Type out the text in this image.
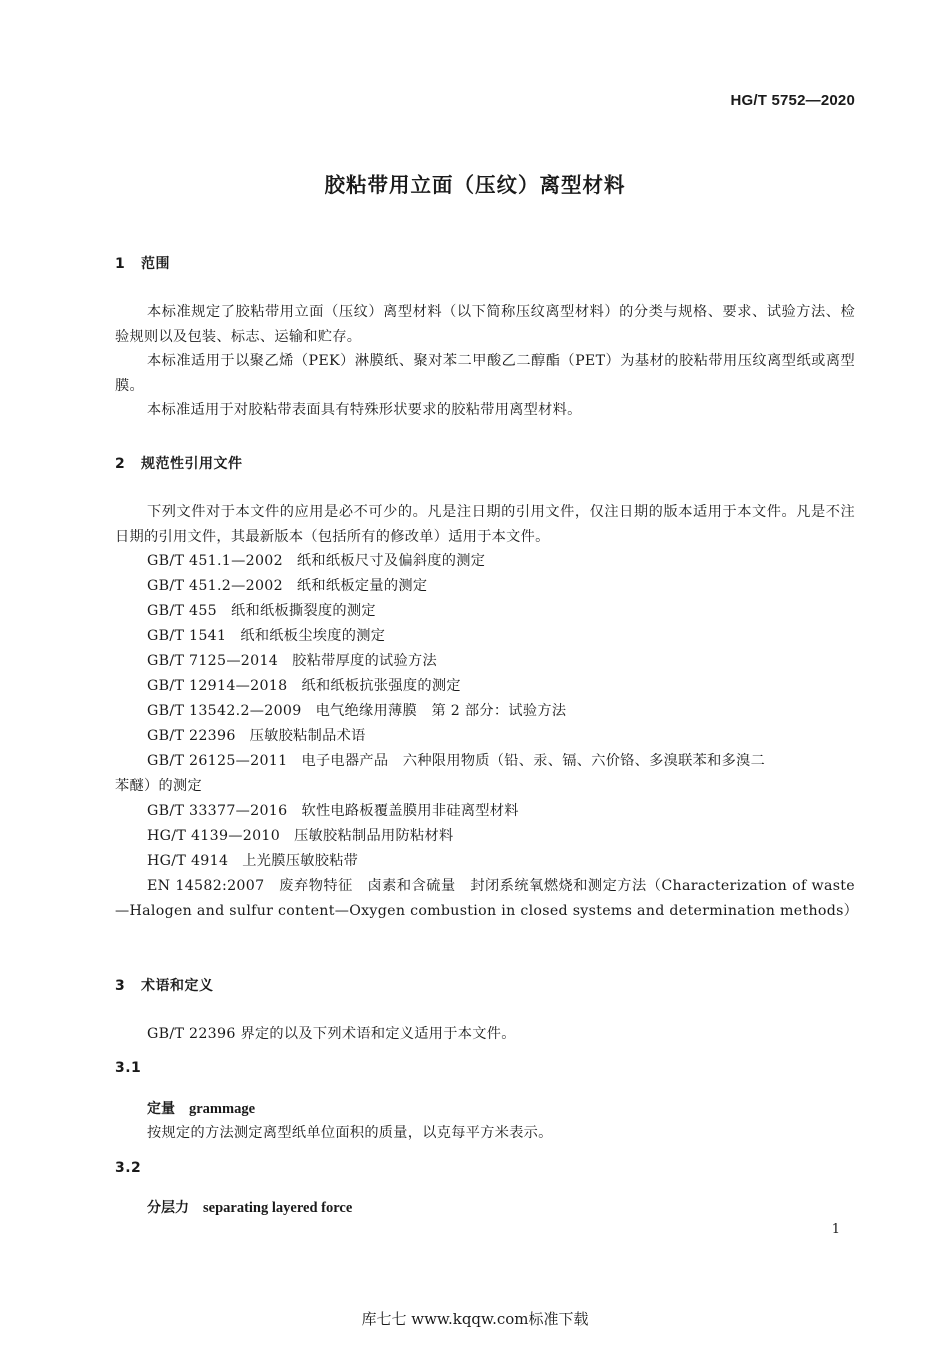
HG/T 5752—2020
胶粘带用立面（压纹）离型材料
1 范围
本标准规定了胶粘带用立面（压纹）离型材料（以下简称压纹离型材料）的分类与规格、要求、试验方法、检验规则以及包装、标志、运输和贮存。
本标准适用于以聚乙烯（PEK）淋膜纸、聚对苯二甲酸乙二醇酯（PET）为基材的胶粘带用压纹离型纸或离型膜。
本标准适用于对胶粘带表面具有特殊形状要求的胶粘带用离型材料。
2 规范性引用文件
下列文件对于本文件的应用是必不可少的。凡是注日期的引用文件，仅注日期的版本适用于本文件。凡是不注日期的引用文件，其最新版本（包括所有的修改单）适用于本文件。
GB/T 451.1—2002 纸和纸板尺寸及偏斜度的测定
GB/T 451.2—2002 纸和纸板定量的测定
GB/T 455 纸和纸板撕裂度的测定
GB/T 1541 纸和纸板尘埃度的测定
GB/T 7125—2014 胶粘带厚度的试验方法
GB/T 12914—2018 纸和纸板抗张强度的测定
GB/T 13542.2—2009 电气绝缘用薄膜　第 2 部分：试验方法
GB/T 22396 压敏胶粘制品术语
GB/T 26125—2011 电子电器产品　六种限用物质（铅、汞、镉、六价铬、多溴联苯和多溴二
苯醚）的测定
GB/T 33377—2016 软性电路板覆盖膜用非硅离型材料
HG/T 4139—2010 压敏胶粘制品用防粘材料
HG/T 4914 上光膜压敏胶粘带
EN 14582:2007　废弃物特征　卤素和含硫量　封闭系统氧燃烧和测定方法（Characterization of waste—Halogen and sulfur content—Oxygen combustion in closed systems and determination methods）
3 术语和定义
GB/T 22396 界定的以及下列术语和定义适用于本文件。
3.1
定量 grammage
按规定的方法测定离型纸单位面积的质量，以克每平方米表示。
3.2
分层力 separating layered force
1
库七七 www.kqqw.com标准下载
